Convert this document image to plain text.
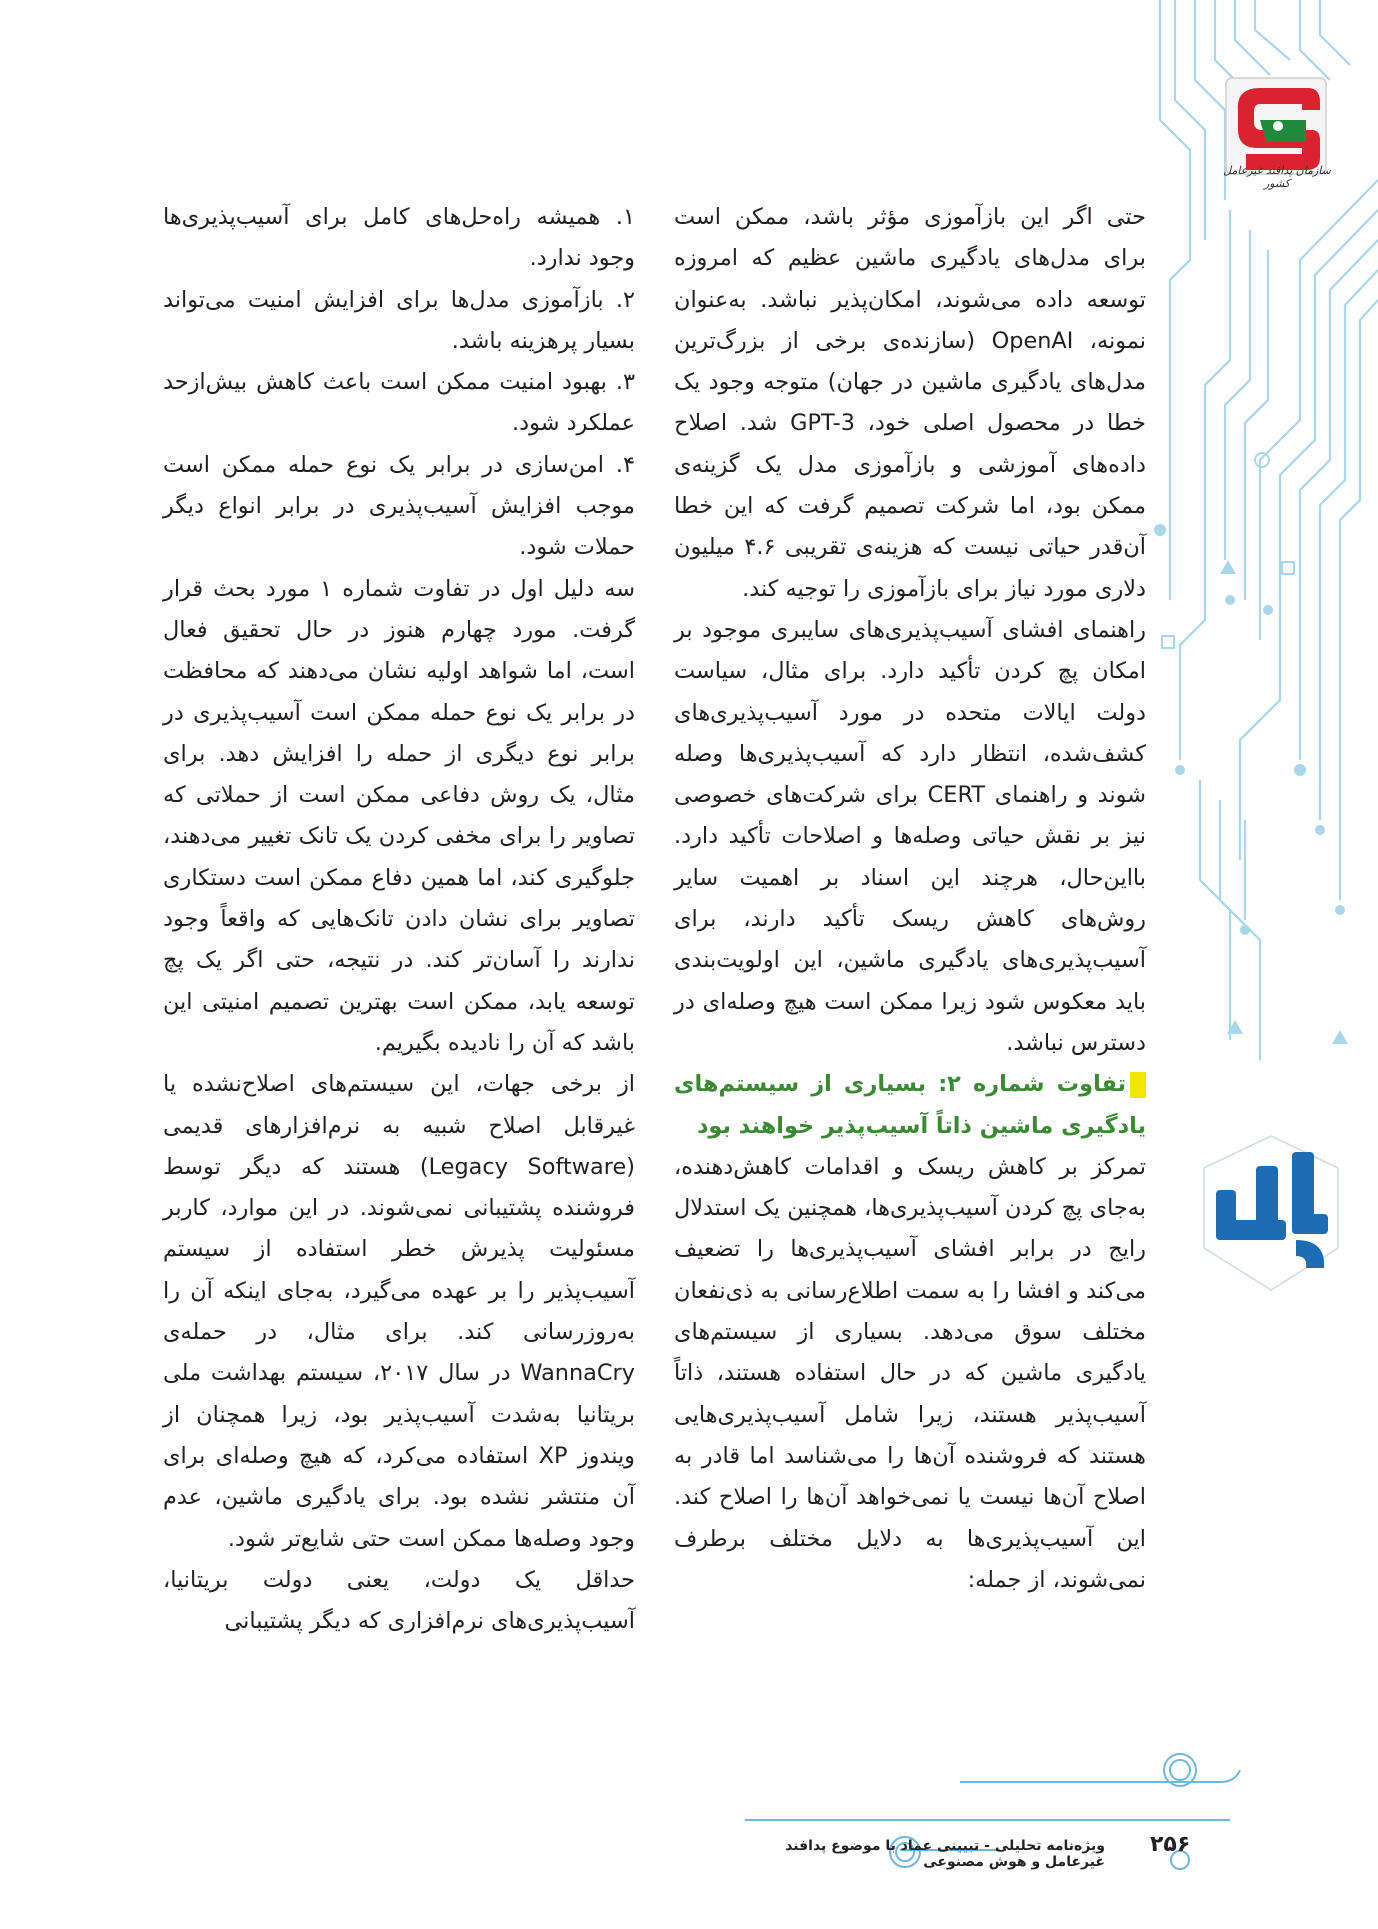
سازمان پدافند غیرعامل کشور

حتی اگر این بازآموزی مؤثر باشد، ممکن است برای مدل‌های یادگیری ماشین عظیم که امروزه توسعه داده می‌شوند، امکان‌پذیر نباشد. به‌عنوان نمونه، OpenAI (سازنده‌ی برخی از بزرگ‌ترین مدل‌های یادگیری ماشین در جهان) متوجه وجود یک خطا در محصول اصلی خود، GPT-3 شد. اصلاح داده‌های آموزشی و بازآموزی مدل یک گزینه‌ی ممکن بود، اما شرکت تصمیم گرفت که این خطا آن‌قدر حیاتی نیست که هزینه‌ی تقریبی ۴.۶ میلیون دلاری مورد نیاز برای بازآموزی را توجیه کند.

راهنمای افشای آسیب‌پذیری‌های سایبری موجود بر امکان پچ کردن تأکید دارد. برای مثال، سیاست دولت ایالات متحده در مورد آسیب‌پذیری‌های کشف‌شده، انتظار دارد که آسیب‌پذیری‌ها وصله شوند و راهنمای CERT برای شرکت‌های خصوصی نیز بر نقش حیاتی وصله‌ها و اصلاحات تأکید دارد. بااین‌حال، هرچند این اسناد بر اهمیت سایر روش‌های کاهش ریسک تأکید دارند، برای آسیب‌پذیری‌های یادگیری ماشین، این اولویت‌بندی باید معکوس شود زیرا ممکن است هیچ وصله‌ای در دسترس نباشد.

تفاوت شماره ۲: بسیاری از سیستم‌های یادگیری ماشین ذاتاً آسیب‌پذیر خواهند بود

تمرکز بر کاهش ریسک و اقدامات کاهش‌دهنده، به‌جای پچ کردن آسیب‌پذیری‌ها، همچنین یک استدلال رایج در برابر افشای آسیب‌پذیری‌ها را تضعیف می‌کند و افشا را به سمت اطلاع‌رسانی به ذی‌نفعان مختلف سوق می‌دهد. بسیاری از سیستم‌های یادگیری ماشین که در حال استفاده هستند، ذاتاً آسیب‌پذیر هستند، زیرا شامل آسیب‌پذیری‌هایی هستند که فروشنده آن‌ها را می‌شناسد اما قادر به اصلاح آن‌ها نیست یا نمی‌خواهد آن‌ها را اصلاح کند. این آسیب‌پذیری‌ها به دلایل مختلف برطرف نمی‌شوند، از جمله:

۱. همیشه راه‌حل‌های کامل برای آسیب‌پذیری‌ها وجود ندارد.

۲. بازآموزی مدل‌ها برای افزایش امنیت می‌تواند بسیار پرهزینه باشد.

۳. بهبود امنیت ممکن است باعث کاهش بیش‌ازحد عملکرد شود.

۴. امن‌سازی در برابر یک نوع حمله ممکن است موجب افزایش آسیب‌پذیری در برابر انواع دیگر حملات شود.

سه دلیل اول در تفاوت شماره ۱ مورد بحث قرار گرفت. مورد چهارم هنوز در حال تحقیق فعال است، اما شواهد اولیه نشان می‌دهند که محافظت در برابر یک نوع حمله ممکن است آسیب‌پذیری در برابر نوع دیگری از حمله را افزایش دهد. برای مثال، یک روش دفاعی ممکن است از حملاتی که تصاویر را برای مخفی کردن یک تانک تغییر می‌دهند، جلوگیری کند، اما همین دفاع ممکن است دستکاری تصاویر برای نشان دادن تانک‌هایی که واقعاً وجود ندارند را آسان‌تر کند. در نتیجه، حتی اگر یک پچ توسعه یابد، ممکن است بهترین تصمیم امنیتی این باشد که آن را نادیده بگیریم.

از برخی جهات، این سیستم‌های اصلاح‌نشده یا غیرقابل اصلاح شبیه به نرم‌افزارهای قدیمی (Legacy Software) هستند که دیگر توسط فروشنده پشتیبانی نمی‌شوند. در این موارد، کاربر مسئولیت پذیرش خطر استفاده از سیستم آسیب‌پذیر را بر عهده می‌گیرد، به‌جای اینکه آن را به‌روزرسانی کند. برای مثال، در حمله‌ی WannaCry در سال ۲۰۱۷، سیستم بهداشت ملی بریتانیا به‌شدت آسیب‌پذیر بود، زیرا همچنان از ویندوز XP استفاده می‌کرد، که هیچ وصله‌ای برای آن منتشر نشده بود. برای یادگیری ماشین، عدم وجود وصله‌ها ممکن است حتی شایع‌تر شود.

حداقل یک دولت، یعنی دولت بریتانیا، آسیب‌پذیری‌های نرم‌افزاری که دیگر پشتیبانی

ویژه‌نامه تحلیلی - تبیینی عماد با موضوع پدافند غیرعامل و هوش مصنوعی
۲۵۶
